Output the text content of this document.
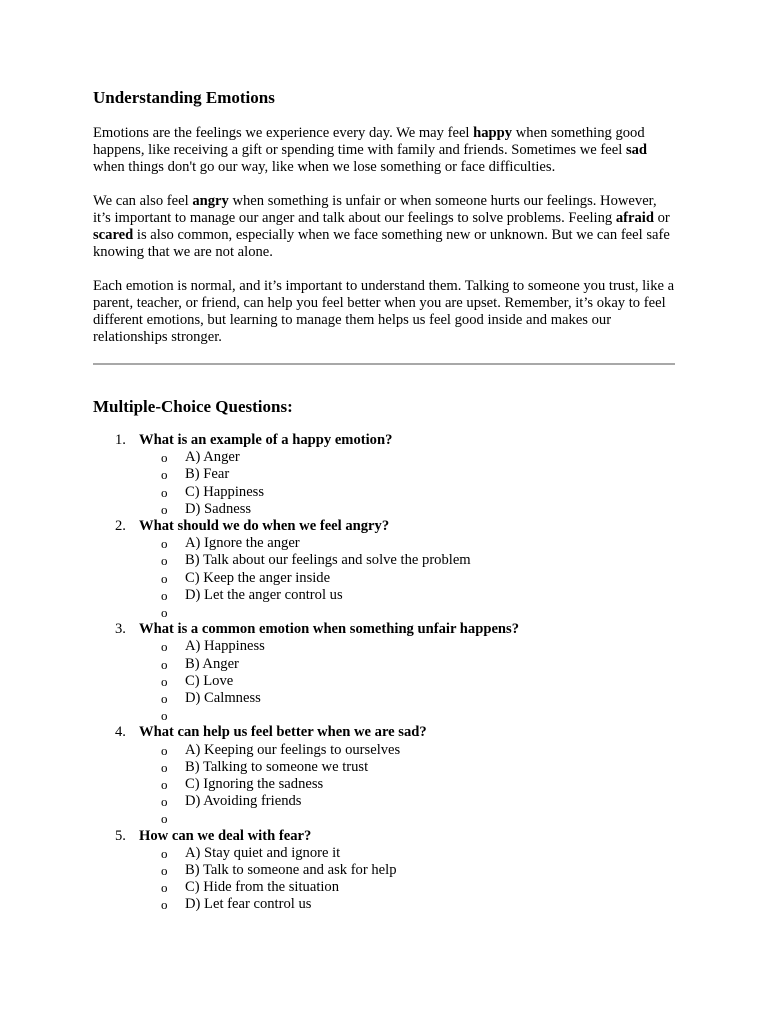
Understanding Emotions

Emotions are the feelings we experience every day. We may feel happy when something good happens, like receiving a gift or spending time with family and friends. Sometimes we feel sad when things don't go our way, like when we lose something or face difficulties.

We can also feel angry when something is unfair or when someone hurts our feelings. However, it’s important to manage our anger and talk about our feelings to solve problems. Feeling afraid or scared is also common, especially when we face something new or unknown. But we can feel safe knowing that we are not alone.

Each emotion is normal, and it’s important to understand them. Talking to someone you trust, like a parent, teacher, or friend, can help you feel better when you are upset. Remember, it’s okay to feel different emotions, but learning to manage them helps us feel good inside and makes our relationships stronger.

Multiple-Choice Questions:
1. What is an example of a happy emotion?
o A) Anger
o B) Fear
o C) Happiness
o D) Sadness
2. What should we do when we feel angry?
o A) Ignore the anger
o B) Talk about our feelings and solve the problem
o C) Keep the anger inside
o D) Let the anger control us
o
3. What is a common emotion when something unfair happens?
o A) Happiness
o B) Anger
o C) Love
o D) Calmness
o
4. What can help us feel better when we are sad?
o A) Keeping our feelings to ourselves
o B) Talking to someone we trust
o C) Ignoring the sadness
o D) Avoiding friends
o
5. How can we deal with fear?
o A) Stay quiet and ignore it
o B) Talk to someone and ask for help
o C) Hide from the situation
o D) Let fear control us
